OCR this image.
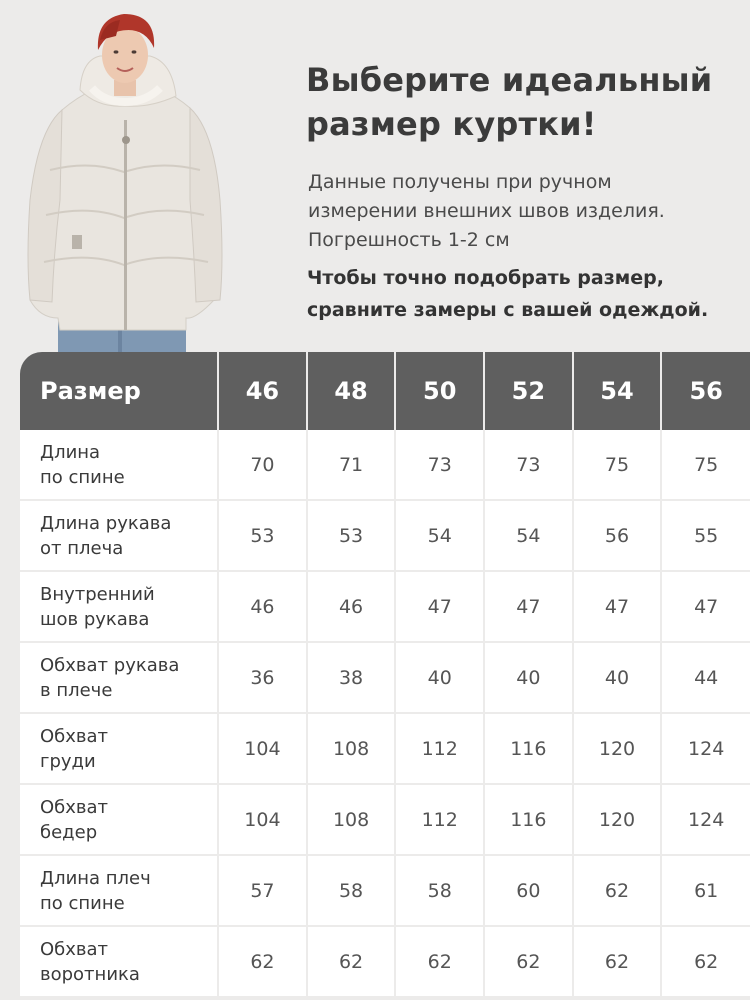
Выберите идеальный
размер куртки!
Данные получены при ручном
измерении внешних швов изделия.
Погрешность 1-2 см
Чтобы точно подобрать размер,
сравните замеры с вашей одеждой.
Размер	46	48	50	52	54	56
Длина
по спине	70	71	73	73	75	75
Длина рукава
от плеча	53	53	54	54	56	55
Внутренний
шов рукава	46	46	47	47	47	47
Обхват рукава
в плече	36	38	40	40	40	44
Обхват
груди	104	108	112	116	120	124
Обхват
бедер	104	108	112	116	120	124
Длина плеч
по спине	57	58	58	60	62	61
Обхват
воротника	62	62	62	62	62	62
